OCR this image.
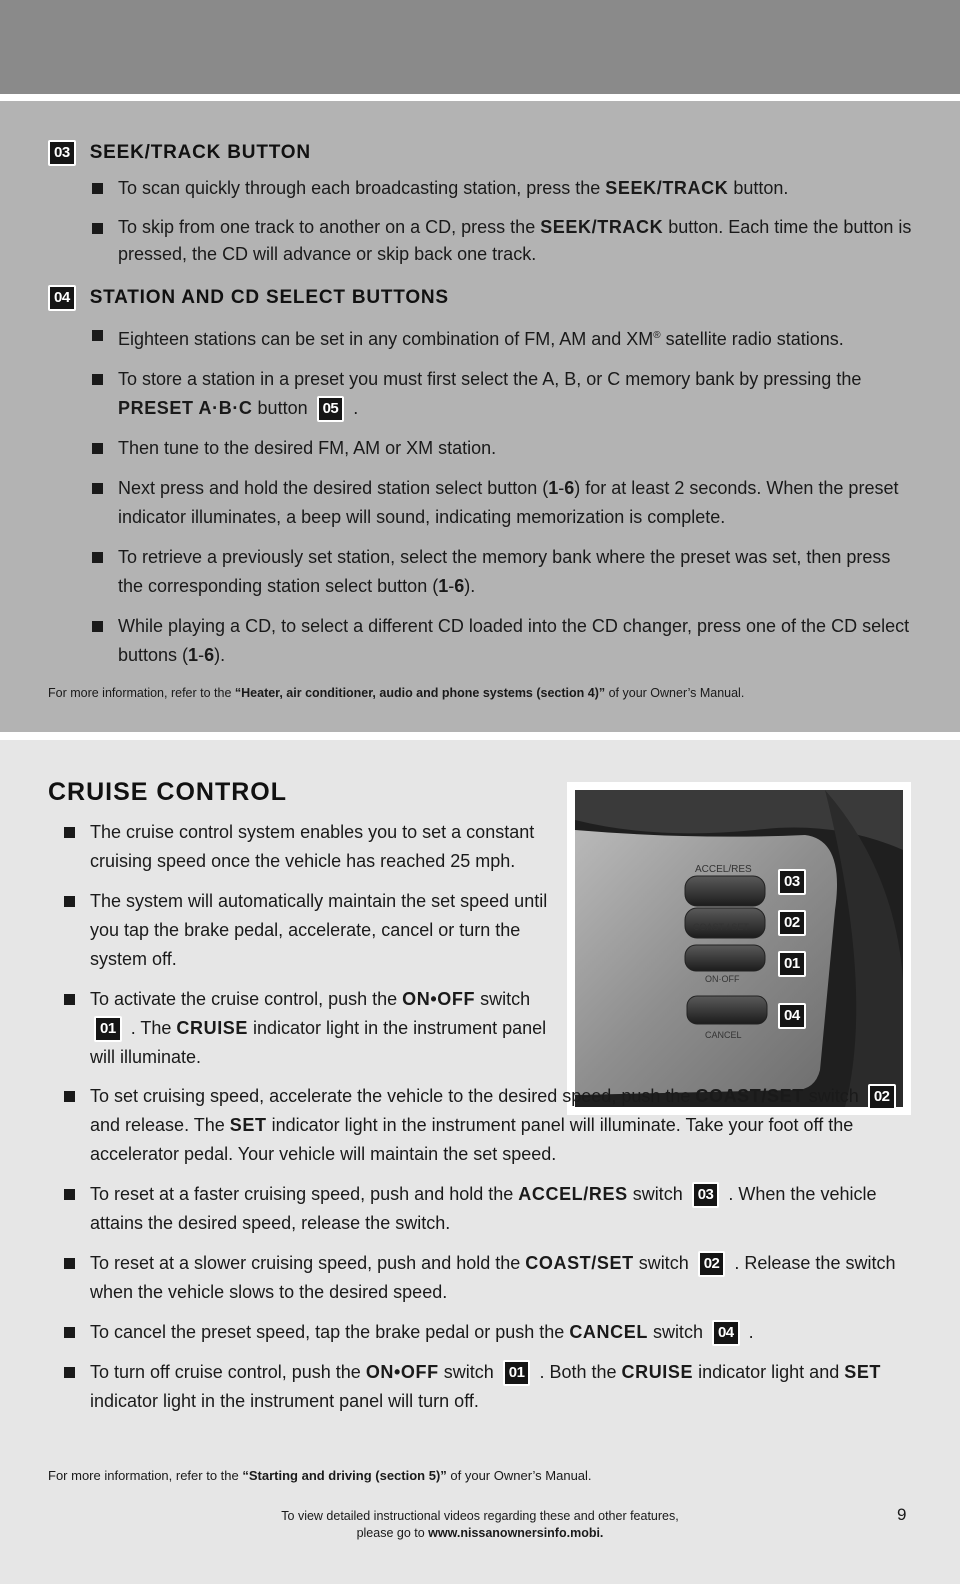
03	SEEK/TRACK BUTTON
To scan quickly through each broadcasting station, press the SEEK/TRACK button.
To skip from one track to another on a CD, press the SEEK/TRACK button. Each time the button is pressed, the CD will advance or skip back one track.
04	STATION AND CD SELECT BUTTONS
Eighteen stations can be set in any combination of FM, AM and XM® satellite radio stations.
To store a station in a preset you must first select the A, B, or C memory bank by pressing the PRESET A·B·C button 05 .
Then tune to the desired FM, AM or XM station.
Next press and hold the desired station select button (1-6) for at least 2 seconds. When the preset indicator illuminates, a beep will sound, indicating memorization is complete.
To retrieve a previously set station, select the memory bank where the preset was set, then press the corresponding station select button (1-6).
While playing a CD, to select a different CD loaded into the CD changer, press one of the CD select buttons (1-6).
For more information, refer to the “Heater, air conditioner, audio and phone systems (section 4)” of your Owner’s Manual.
CRUISE CONTROL
ACCEL/RES
COAST / SET
ON·OFF
CANCEL
03
02
01
04
The cruise control system enables you to set a constant cruising speed once the vehicle has reached 25 mph.
The system will automatically maintain the set speed until you tap the brake pedal, accelerate, cancel or turn the system off.
To activate the cruise control, push the ON•OFF switch 01 . The CRUISE indicator light in the instrument panel will illuminate.
To set cruising speed, accelerate the vehicle to the desired speed, push the COAST/SET switch 02 and release. The SET indicator light in the instrument panel will illuminate. Take your foot off the accelerator pedal. Your vehicle will maintain the set speed.
To reset at a faster cruising speed, push and hold the ACCEL/RES switch 03 . When the vehicle attains the desired speed, release the switch.
To reset at a slower cruising speed, push and hold the COAST/SET switch 02 . Release the switch when the vehicle slows to the desired speed.
To cancel the preset speed, tap the brake pedal or push the CANCEL switch 04 .
To turn off cruise control, push the ON•OFF switch 01 . Both the CRUISE indicator light and SET indicator light in the instrument panel will turn off.
For more information, refer to the “Starting and driving (section 5)” of your Owner’s Manual.
To view detailed instructional videos regarding these and other features,
please go to www.nissanownersinfo.mobi.
9
